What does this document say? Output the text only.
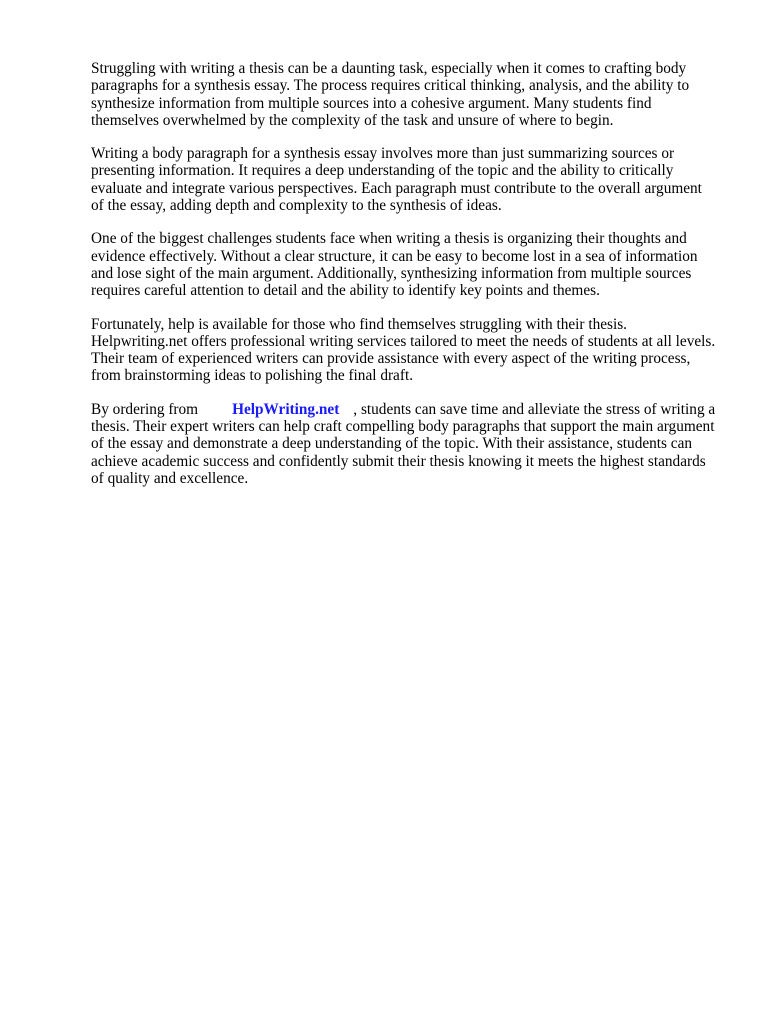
Struggling with writing a thesis can be a daunting task, especially when it comes to crafting body paragraphs for a synthesis essay. The process requires critical thinking, analysis, and the ability to synthesize information from multiple sources into a cohesive argument. Many students find themselves overwhelmed by the complexity of the task and unsure of where to begin.

Writing a body paragraph for a synthesis essay involves more than just summarizing sources or presenting information. It requires a deep understanding of the topic and the ability to critically evaluate and integrate various perspectives. Each paragraph must contribute to the overall argument of the essay, adding depth and complexity to the synthesis of ideas.

One of the biggest challenges students face when writing a thesis is organizing their thoughts and evidence effectively. Without a clear structure, it can be easy to become lost in a sea of information and lose sight of the main argument. Additionally, synthesizing information from multiple sources requires careful attention to detail and the ability to identify key points and themes.

Fortunately, help is available for those who find themselves struggling with their thesis. Helpwriting.net offers professional writing services tailored to meet the needs of students at all levels. Their team of experienced writers can provide assistance with every aspect of the writing process, from brainstorming ideas to polishing the final draft.

By ordering from HelpWriting.net , students can save time and alleviate the stress of writing a thesis. Their expert writers can help craft compelling body paragraphs that support the main argument of the essay and demonstrate a deep understanding of the topic. With their assistance, students can achieve academic success and confidently submit their thesis knowing it meets the highest standards of quality and excellence.
